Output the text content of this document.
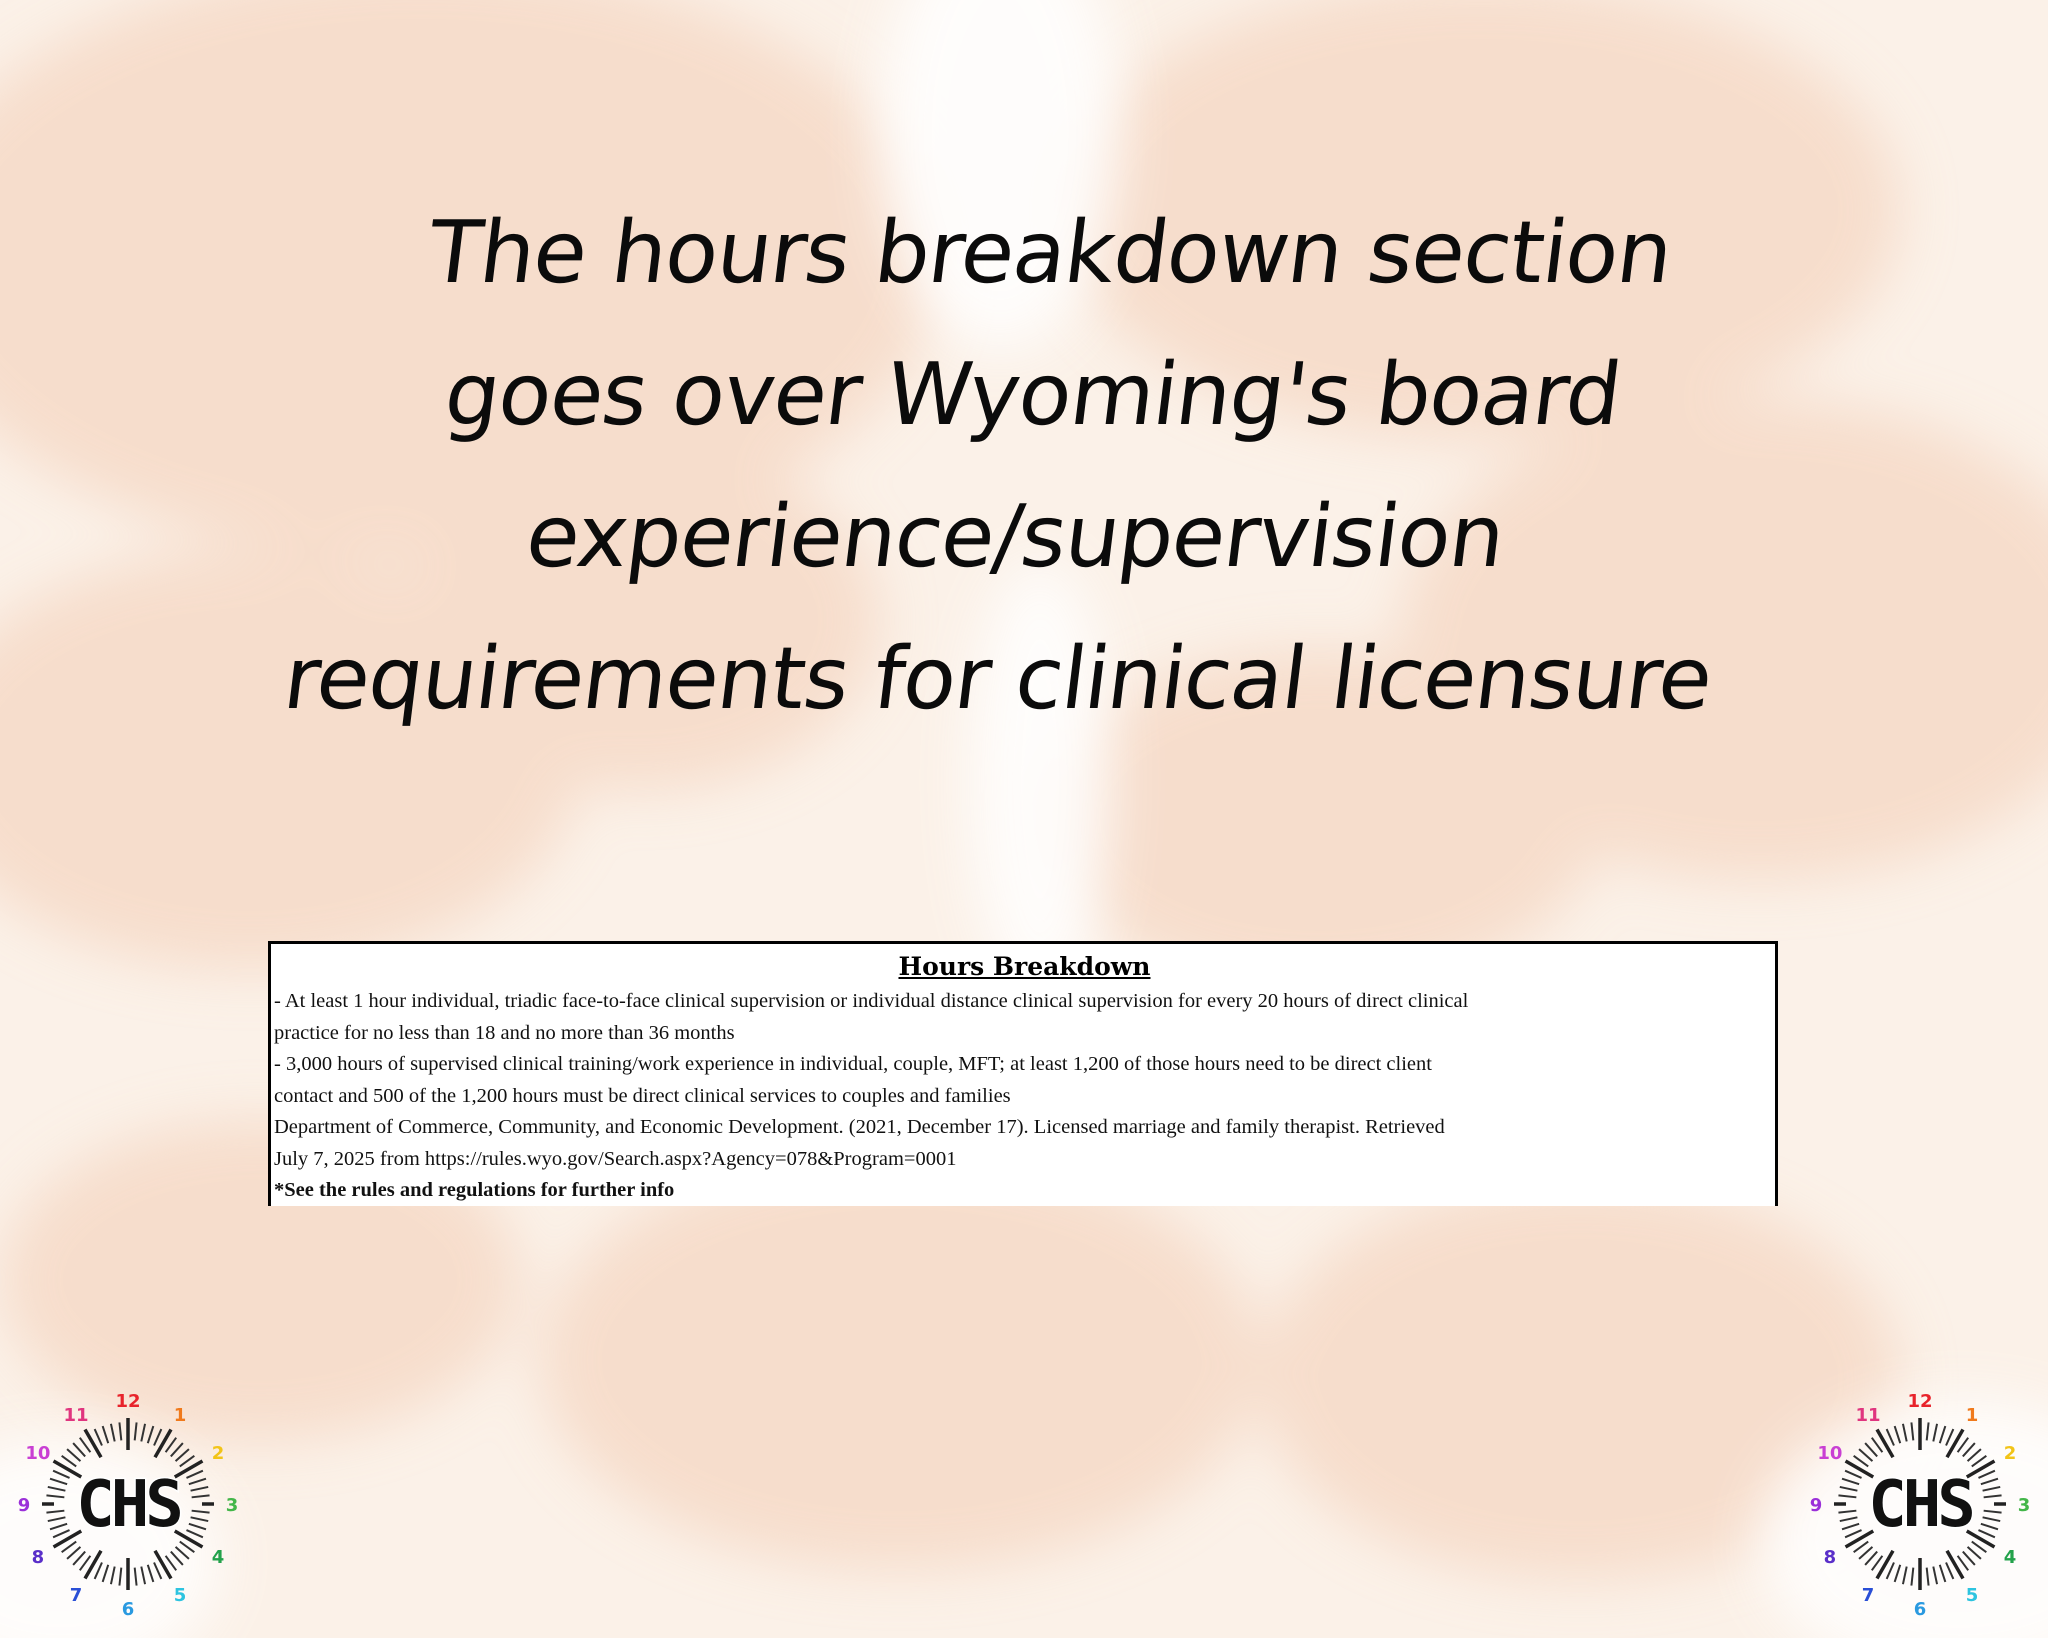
The hours breakdown section
goes over Wyoming's board
experience/supervision
requirements for clinical licensure
Hours Breakdown

- At least 1 hour individual, triadic face-to-face clinical supervision or individual distance clinical supervision for every 20 hours of direct clinical

practice for no less than 18 and no more than 36 months

- 3,000 hours of supervised clinical training/work experience in individual, couple, MFT; at least 1,200 of those hours need to be direct client

contact and 500 of the 1,200 hours must be direct clinical services to couples and families

Department of Commerce, Community, and Economic Development. (2021, December 17). Licensed marriage and family therapist. Retrieved

July 7, 2025 from https://rules.wyo.gov/Search.aspx?Agency=078&Program=0001

*See the rules and regulations for further info

12
1
2
3
4
5
6
7
8
9
10
11
CHS
12
1
2
3
4
5
6
7
8
9
10
11
CHS
